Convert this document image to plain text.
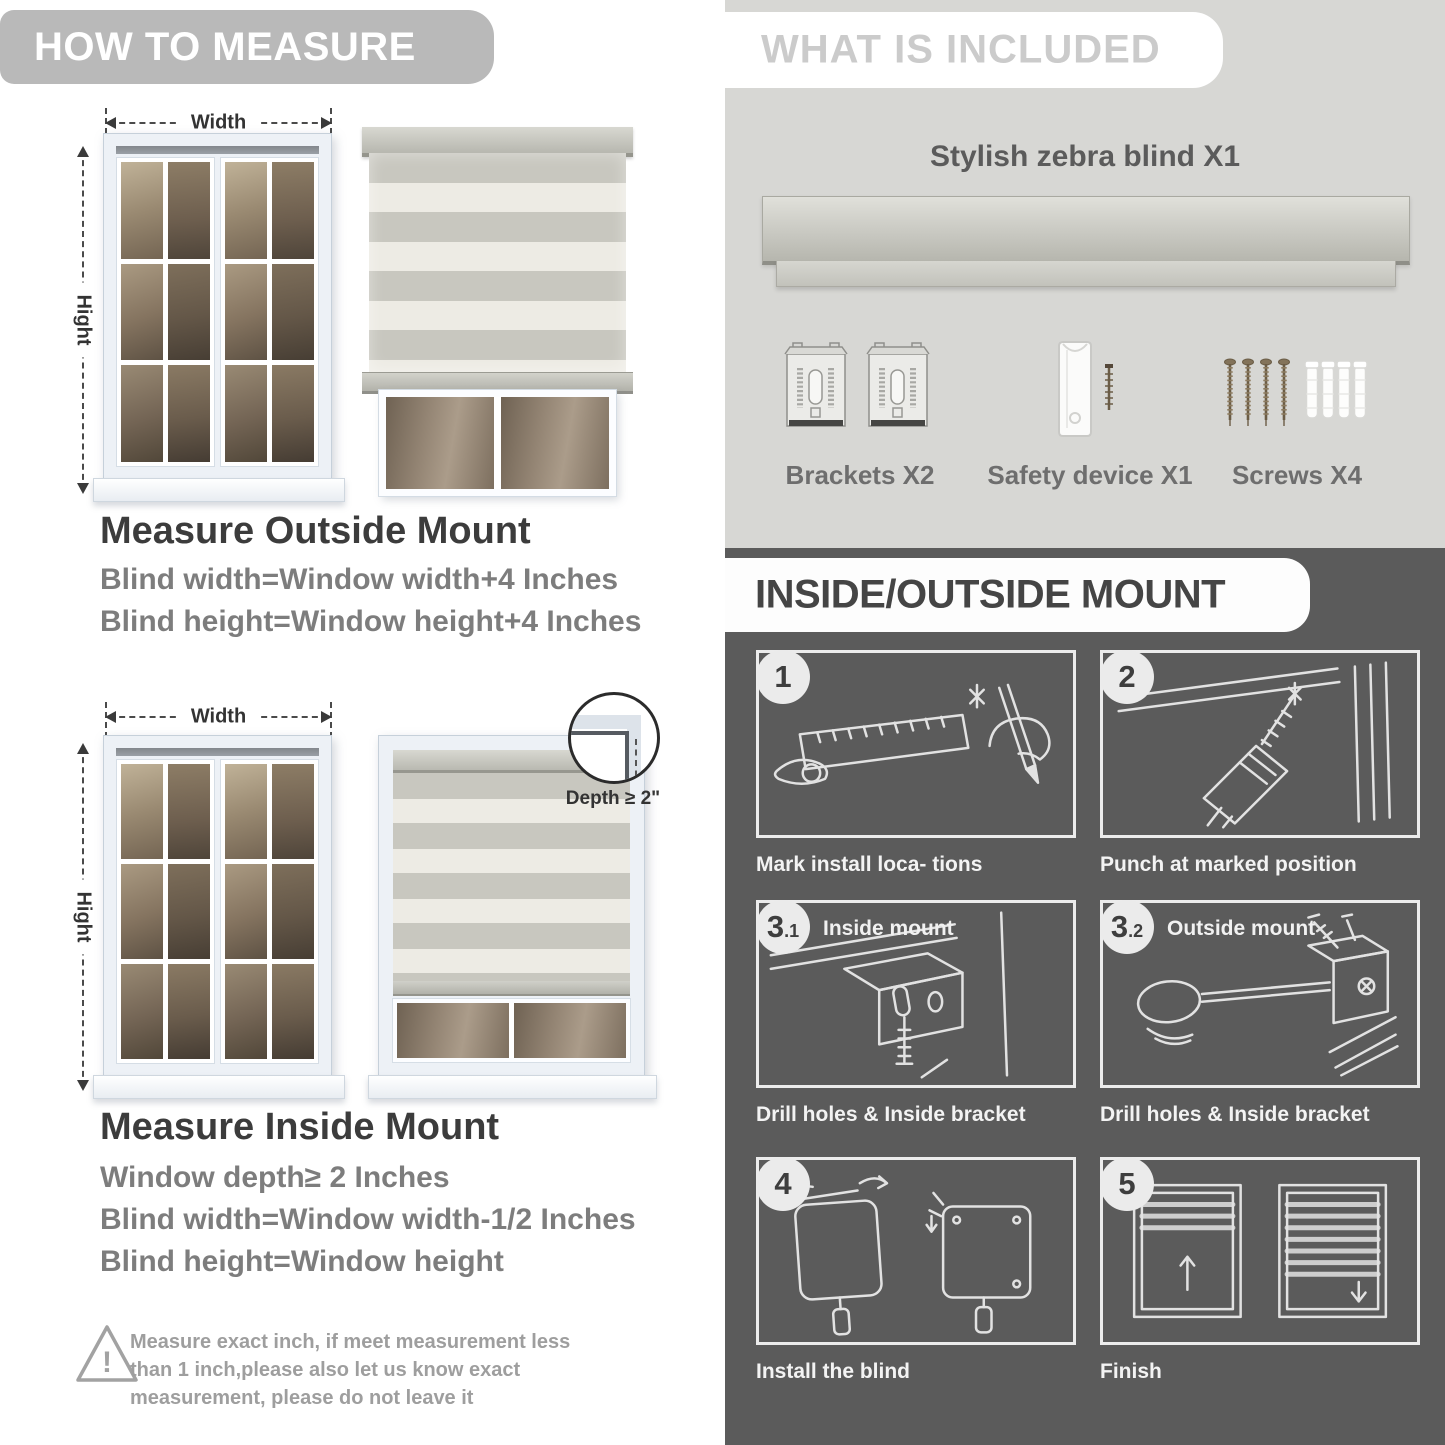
HOW TO MEASURE
Width
Hight
Measure Outside Mount

Blind width=Window width+4 Inches

Blind height=Window height+4 Inches

Width
Hight
Depth ≥ 2"
Measure Inside Mount

Window depth≥ 2 Inches

Blind width=Window width-1/2 Inches

Blind height=Window height

!
Measure exact inch, if meet measurement less than 1 inch,please also let us know exact measurement, please do not leave it
WHAT IS INCLUDED
Stylish zebra blind X1
Brackets X2	Safety device X1	Screws X4
INSIDE/OUTSIDE MOUNT
1
Mark install loca- tions
2
Punch at marked position
3 .1 Inside mount
Drill holes & Inside bracket
3 .2 Outside mount
Drill holes & Inside bracket
4
Install the blind
5
Finish
